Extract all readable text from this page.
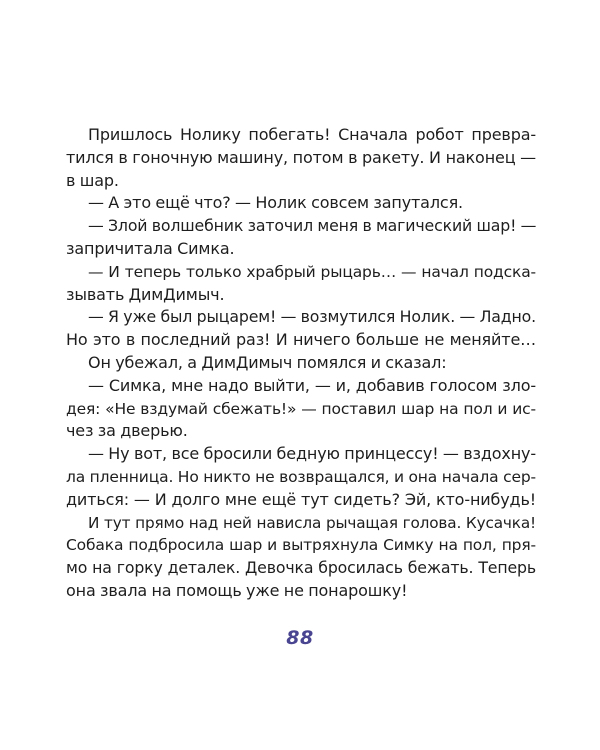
Пришлось Нолику побегать! Сначала робот превра-
тился в гоночную машину, потом в ракету. И наконец —
в шар.
— А это ещё что? — Нолик совсем запутался.
— Злой волшебник заточил меня в магический шар! —
запричитала Симка.
— И теперь только храбрый рыцарь… — начал подска-
зывать ДимДимыч.
— Я уже был рыцарем! — возмутился Нолик. — Ладно.
Но это в последний раз! И ничего больше не меняйте…
Он убежал, а ДимДимыч помялся и сказал:
— Симка, мне надо выйти, — и, добавив голосом зло-
дея: «Не вздумай сбежать!» — поставил шар на пол и ис-
чез за дверью.
— Ну вот, все бросили бедную принцессу! — вздохну-
ла пленница. Но никто не возвращался, и она начала сер-
диться: — И долго мне ещё тут сидеть? Эй, кто-нибудь!
И тут прямо над ней нависла рычащая голова. Кусачка!
Собака подбросила шар и вытряхнула Симку на пол, пря-
мо на горку деталек. Девочка бросилась бежать. Теперь
она звала на помощь уже не понарошку!
88
